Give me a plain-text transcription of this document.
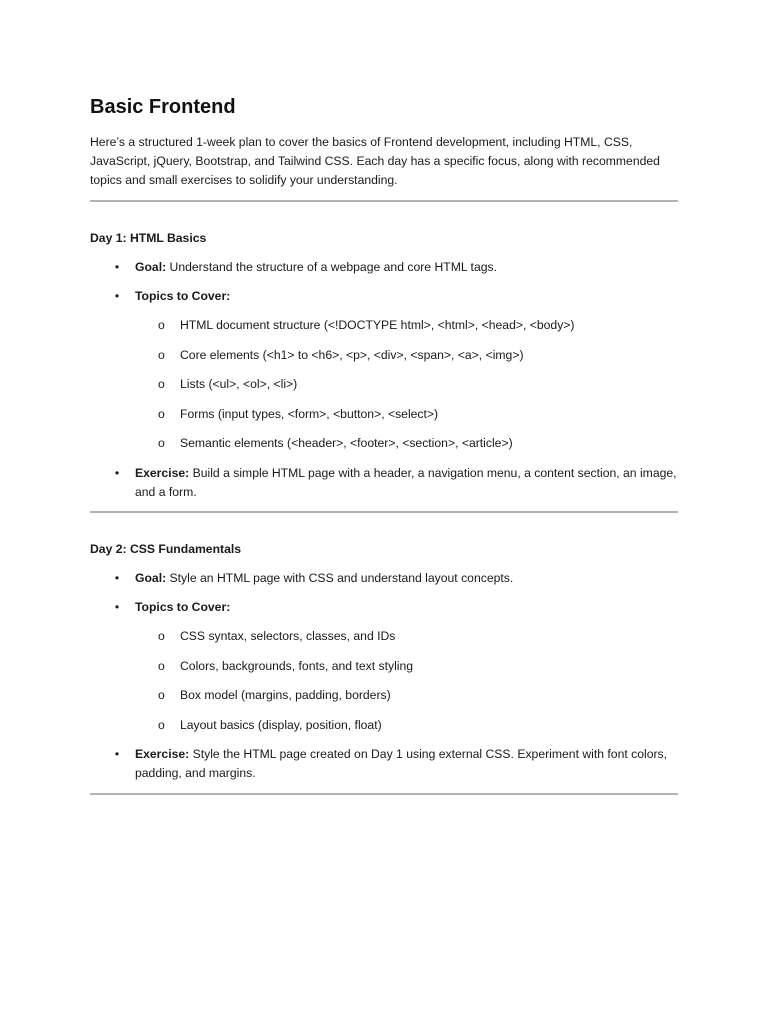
Basic Frontend

Here’s a structured 1-week plan to cover the basics of Frontend development, including HTML, CSS, JavaScript, jQuery, Bootstrap, and Tailwind CSS. Each day has a specific focus, along with recommended topics and small exercises to solidify your understanding.

Day 1: HTML Basics
• Goal: Understand the structure of a webpage and core HTML tags.

• Topics to Cover:

o HTML document structure (<!DOCTYPE html>, <html>, <head>, <body>)

o Core elements (<h1> to <h6>, <p>, <div>, <span>, <a>, <img>)

o Lists (<ul>, <ol>, <li>)

o Forms (input types, <form>, <button>, <select>)

o Semantic elements (<header>, <footer>, <section>, <article>)

• Exercise: Build a simple HTML page with a header, a navigation menu, a content section, an image, and a form.

Day 2: CSS Fundamentals
• Goal: Style an HTML page with CSS and understand layout concepts.

• Topics to Cover:

o CSS syntax, selectors, classes, and IDs

o Colors, backgrounds, fonts, and text styling

o Box model (margins, padding, borders)

o Layout basics (display, position, float)

• Exercise: Style the HTML page created on Day 1 using external CSS. Experiment with font colors, padding, and margins.
